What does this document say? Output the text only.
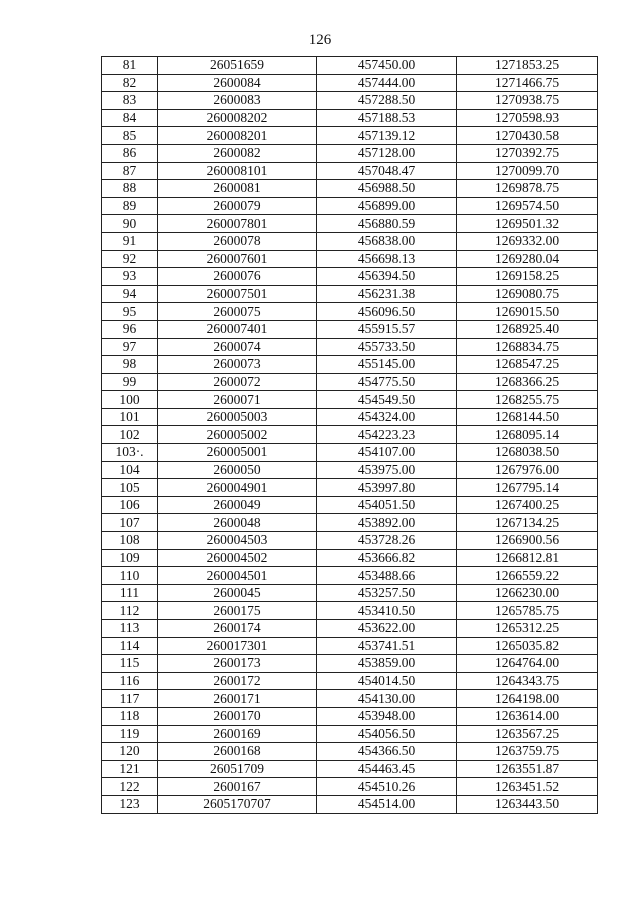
126
81	26051659	457450.00	1271853.25
82	2600084	457444.00	1271466.75
83	2600083	457288.50	1270938.75
84	260008202	457188.53	1270598.93
85	260008201	457139.12	1270430.58
86	2600082	457128.00	1270392.75
87	260008101	457048.47	1270099.70
88	2600081	456988.50	1269878.75
89	2600079	456899.00	1269574.50
90	260007801	456880.59	1269501.32
91	2600078	456838.00	1269332.00
92	260007601	456698.13	1269280.04
93	2600076	456394.50	1269158.25
94	260007501	456231.38	1269080.75
95	2600075	456096.50	1269015.50
96	260007401	455915.57	1268925.40
97	2600074	455733.50	1268834.75
98	2600073	455145.00	1268547.25
99	2600072	454775.50	1268366.25
100	2600071	454549.50	1268255.75
101	260005003	454324.00	1268144.50
102	260005002	454223.23	1268095.14
103·.	260005001	454107.00	1268038.50
104	2600050	453975.00	1267976.00
105	260004901	453997.80	1267795.14
106	2600049	454051.50	1267400.25
107	2600048	453892.00	1267134.25
108	260004503	453728.26	1266900.56
109	260004502	453666.82	1266812.81
110	260004501	453488.66	1266559.22
111	2600045	453257.50	1266230.00
112	2600175	453410.50	1265785.75
113	2600174	453622.00	1265312.25
114	260017301	453741.51	1265035.82
115	2600173	453859.00	1264764.00
116	2600172	454014.50	1264343.75
117	2600171	454130.00	1264198.00
118	2600170	453948.00	1263614.00
119	2600169	454056.50	1263567.25
120	2600168	454366.50	1263759.75
121	26051709	454463.45	1263551.87
122	2600167	454510.26	1263451.52
123	2605170707	454514.00	1263443.50
